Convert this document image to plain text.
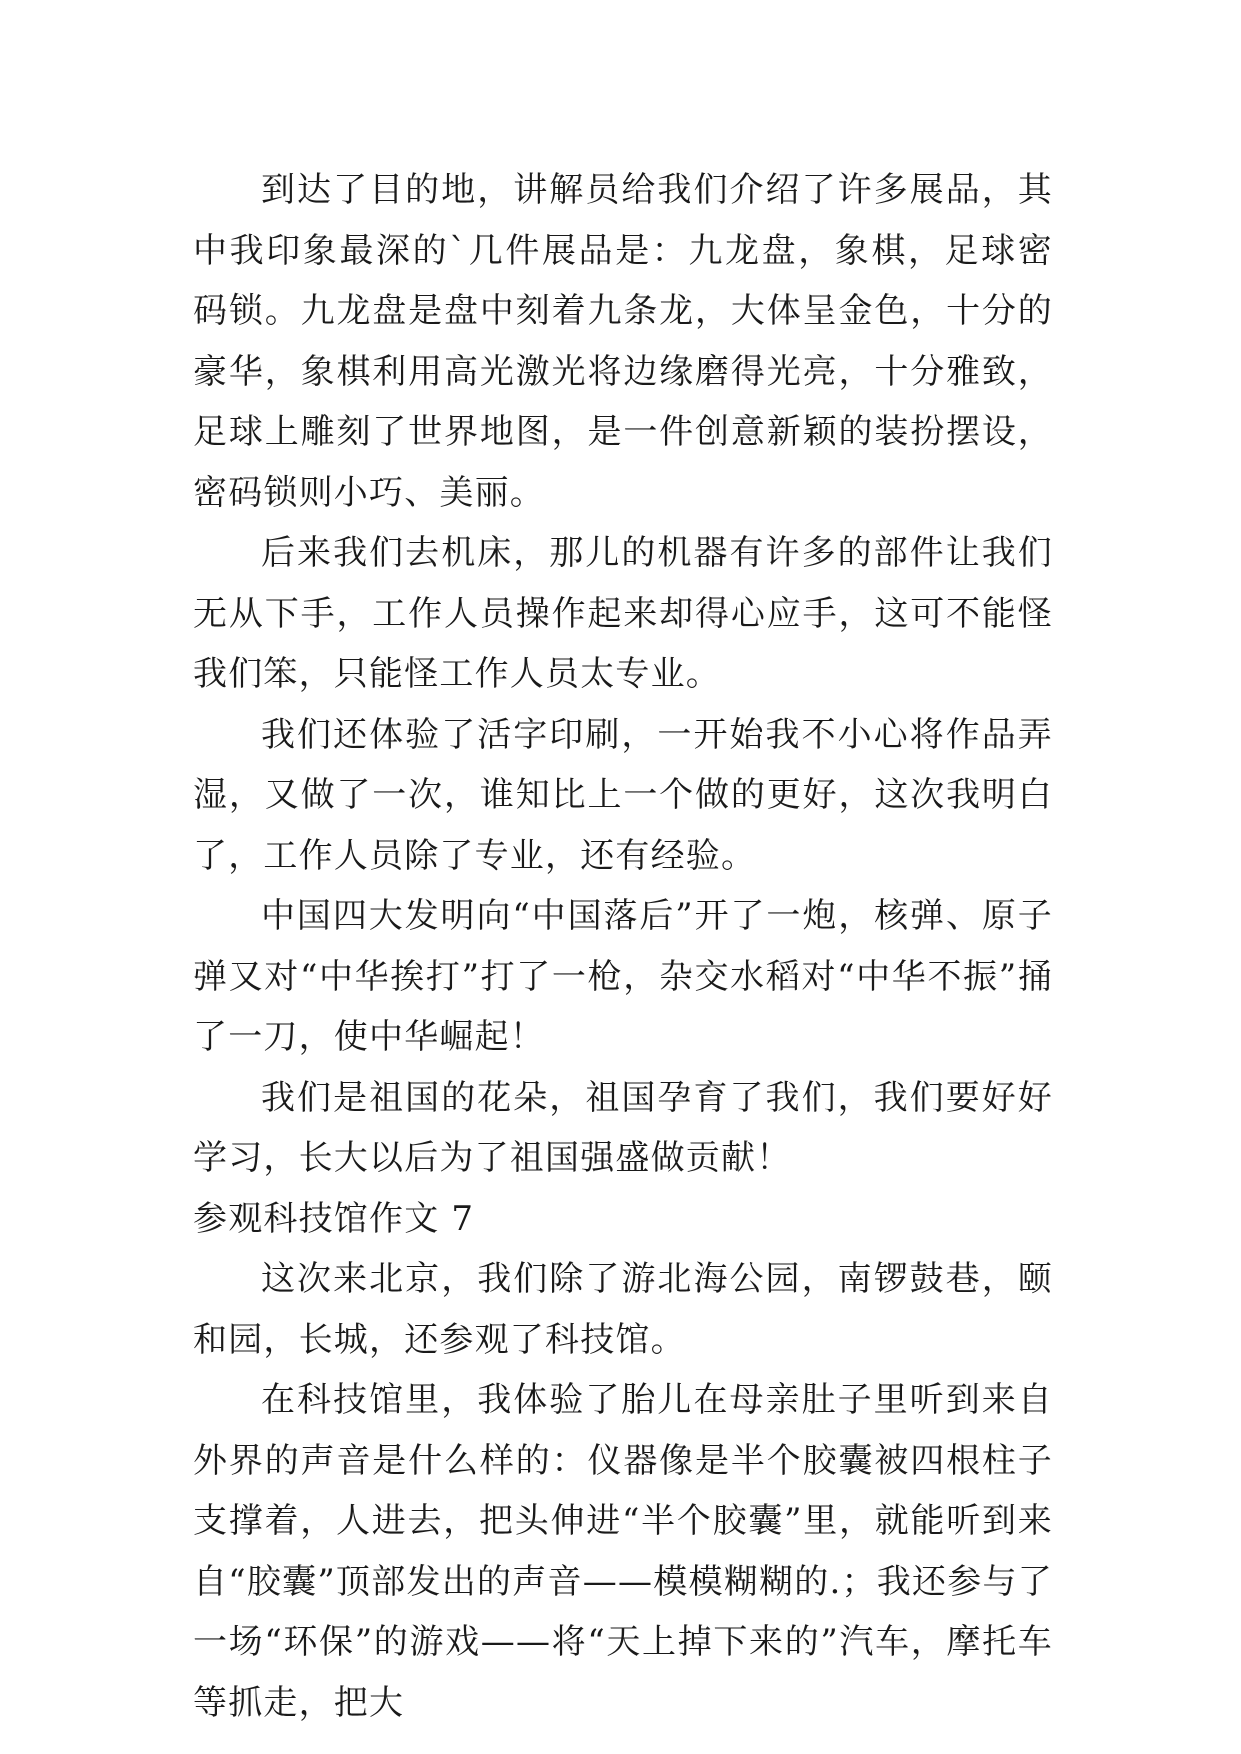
到达了目的地，讲解员给我们介绍了许多展品，其中我印象最深的`几件展品是：九龙盘，象棋，足球密码锁。九龙盘是盘中刻着九条龙，大体呈金色，十分的豪华，象棋利用高光激光将边缘磨得光亮，十分雅致，足球上雕刻了世界地图，是一件创意新颖的装扮摆设，密码锁则小巧、美丽。

后来我们去机床，那儿的机器有许多的部件让我们无从下手，工作人员操作起来却得心应手，这可不能怪我们笨，只能怪工作人员太专业。

我们还体验了活字印刷，一开始我不小心将作品弄湿，又做了一次，谁知比上一个做的更好，这次我明白了，工作人员除了专业，还有经验。

中国四大发明向“中国落后”开了一炮，核弹、原子弹又对“中华挨打”打了一枪，杂交水稻对“中华不振”捅了一刀，使中华崛起！

我们是祖国的花朵，祖国孕育了我们，我们要好好学习，长大以后为了祖国强盛做贡献！

参观科技馆作文 7

这次来北京，我们除了游北海公园，南锣鼓巷，颐和园，长城，还参观了科技馆。

在科技馆里，我体验了胎儿在母亲肚子里听到来自外界的声音是什么样的：仪器像是半个胶囊被四根柱子支撑着，人进去，把头伸进“半个胶囊”里，就能听到来自“胶囊”顶部发出的声音——模模糊糊的.；我还参与了一场“环保”的游戏——将“天上掉下来的”汽车，摩托车等抓走，把大
